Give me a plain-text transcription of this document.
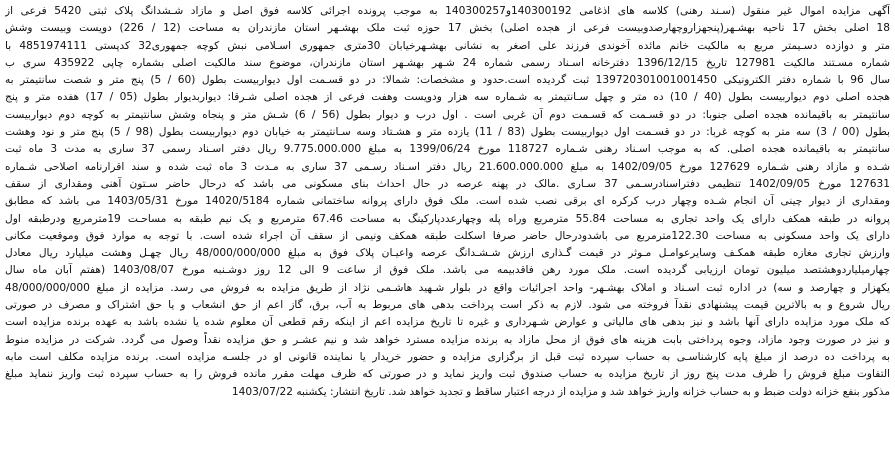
آگهی مزایده اموال غیر منقول (سـند رهنی) کلاسه های اذغامی 140300192و140300257 به موجب پرونده اجرائی کلاسه فوق اصل و مازاد شـشدانگ پلاک ثبتی 5420 فرعی از
18 اصلی بخش 17 ناحیه بهشـهر(پنجهزاروچهارصدوبیست فرعی از هجده اصلی) بخش 17 حوزه ثبت ملک بهشـهر استان مازندران به مساحت (12 / 226) دویست وبیست وشش
متر و دوازده دسـیمتر مربع به مالکیت خانم مائده آخوندی فرزند علی اصغر به نشانی بهشـهرخیابان 30متری جمهوری اسـلامی نبش کوچه جمهوری32 کدپستی 4851974111 با
شماره مسـتند مالکیت 127981 تاریخ 1396/12/15 دفترخانه اسـناد رسمی شماره 24 شـهر بهشـهر استان مازندران، موضوع سند مالکیت اصلی بشماره چاپی 435922 سری ب
سال 96 با شماره دفتر الکترونیکی 139720301001001450 ثبت گردیده است.حدود و مشخصات: شمالا: در دو قسـمت اول دیواربیست بطول (60 / 5) پنج متر و شصت سانتیمتر به
هجده اصلی دوم دیواربیست بطول (40 / 10) ده متر و چهل سـانتیمتر به شـماره سه هزار ودویست وهفت فرعی از هجده اصلی شـرقا: دیواربدیوار بطول (05 / 17) هفده متر و پنج
سانتیمتر به باقیمانده هجده اصلی جنوبا: در دو قسـمت که قسـمت دوم آن غربی است . اول درب و دیوار بطول (56 / 6) شـش متر و پنجاه وشش سانتیمتر به کوچه دوم دیواربیست
بطول (00 / 3) سه متر به کوچه غربا: در دو قسـمت اول دیواربیست بطول (83 / 11) یازده متر و هشـتاد وسه سـانتیمتر به خیابان دوم دیواربیست بطول (98 / 5) پنج متر و نود وهشت
سانتیمتر به باقیمانده هجده اصلی. که به موجب اسـناد رهنی شـماره 118727 مورخ 1399/06/24 به مبلغ 9.775.000.000 ریال دفتر اسـناد رسمی 37 ساری به مدت 3 ماه ثبت
شـده و مازاد رهنی شـماره 127629 مورخ 1402/09/05 به مبلغ 21.600.000.000 ریال دفتر اسـناد رسـمی 37 ساری به مـدت 3 ماه ثبت شده و سند اقرارنامه اصلاحی شـماره
127631 مورخ 1402/09/05 تنظیمی دفتراسنادرسـمی 37 سـاری .مالک در پهنه عرصه در حال احداث بنای مسکونی می باشد که درحال حاضر سـتون آهنی ومقداری از سقف
ومقداری از دیوار چینی آن انجام شـده وچهار درب کرکره ای برقی نصب شده است. ملک فوق دارای پروانه ساختمانی شماره 14020/5184 مورخ 1403/05/31 می باشد که مطابق
پروانه در طبقه همکف دارای یک واحد تجاری به مساحت 55.84 مترمربع وراه پله وچهارعددپارکینگ به مساحت 67.46 مترمربع و یک نیم طبقه به مساحـت 19مترمربع ودرطبقه اول
دارای یک واحد مسکونی به مساحت 122.30مترمربع می باشدودرحال حاضر صرفا اسکلت طبقه همکف ونیمی از سقف آن اجراء شده است. با توجه به موارد فوق وموقعیت مکانی
وارزش تجاری مغازه طبقه همکـف وسایرعوامـل مـوثر در قیمت گـذاری ارزش شـشـدانگ عرصه واعیـان پلاک فوق به مبلغ 48/000/000/000 ریال چهـل وهشت میلیارد ریال معادل
چهارمیلیاردوهشتصد میلیون تومان ارزیابی گردیده است. ملک مورد رهن فاقدبیمه می باشد. ملک فوق از ساعت 9 الی 12 روز دوشـنبه مورخ 1403/08/07 (هفتم آبان ماه سال
یکهزار و چهارصد و سه) در اداره ثبت اسـناد و املاک بهشـهر- واحد اجرائیات واقع در بلوار شـهید هاشـمی نژاد از طریق مزایده به فروش می رسد. مزایده از مبلغ 48/000/000/000
ریال شروع و به بالاترین قیمت پیشنهادی نقدآ فروخته می شود. لازم به ذکر است پرداخت بدهی های مربوط به آب، برق، گاز اعم از حق انشعاب و یا حق اشتراک و مصرف در صورتی
که ملک مورد مزایده دارای آنها باشد و نیز بدهی های مالیاتی و عوارض شـهرداری و غیره تا تاریخ مزایده اعم از اینکه رقم قطعی آن معلوم شده یا نشده باشد به عهده برنده مزایده است
و نیز در صورت وجود مازاد، وجوه پرداختی بابت هزینه های فوق از محل مازاد به برنده مزایده مسترد خواهد شد و نیم عشـر و حق مزایده نقداً وصول می گردد. شرکت در مزایده منوط
به پرداخت ده درصد از مبلغ پایه کارشناسـی به حساب سپرده ثبت قبل از برگزاری مزایده و حضور خریدار یا نماینده قانونی او در جلسـه مزایده است. برنده مزایده مکلف است مابه
التفاوت مبلغ فروش را ظرف مدت پنج روز از تاریخ مزایده به حساب صندوق ثبت واریز نماید و در صورتی که ظرف مهلت مقرر مانده فروش را به حساب سپرده ثبت واریز ننماید مبلغ
مذکور بنفع خزانه دولت ضبط و به حساب خزانه واریز خواهد شد و مزایده از درجه اعتبار ساقط و تجدید خواهد شد. تاریخ انتشار: یکشنبه 1403/07/22
